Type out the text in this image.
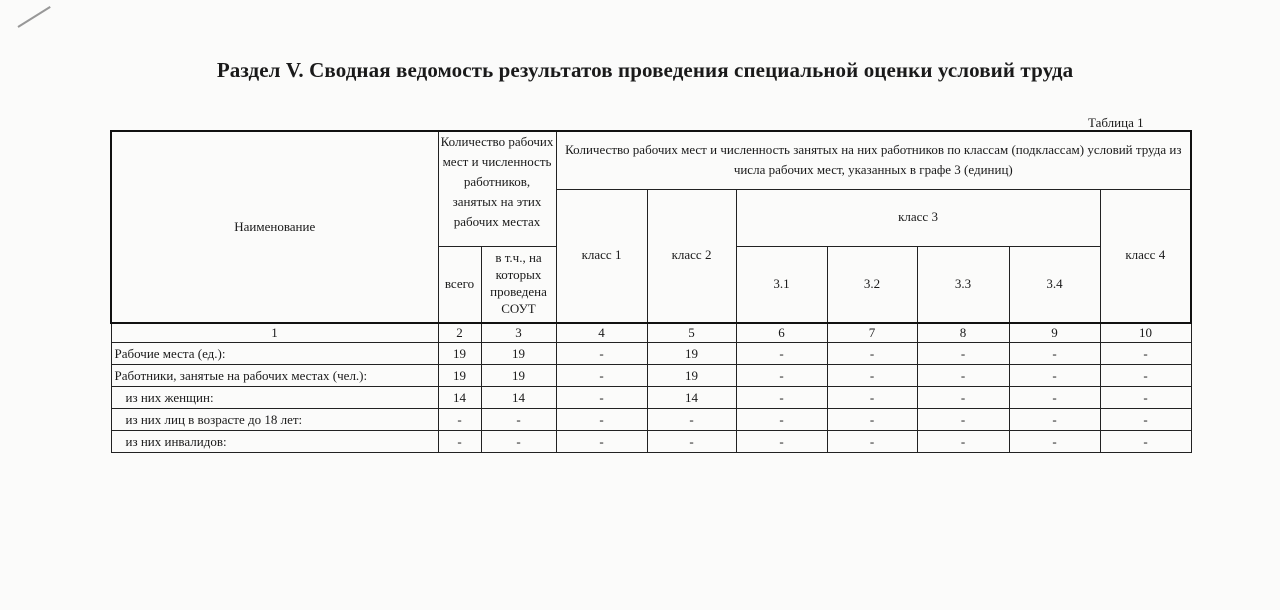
Раздел V. Сводная ведомость результатов проведения специальной оценки условий труда
Таблица 1
Наименование	Количество рабочих мест и численность работников, занятых на этих рабочих местах		Количество рабочих мест и численность занятых на них работников по классам (подклассам) условий труда из числа рабочих мест, указанных в графе 3 (единиц)						
			класс 1	класс 2	класс 3				класс 4
	всего	в т.ч., на которых проведена СОУТ			3.1	3.2	3.3	3.4	
1	2	3	4	5	6	7	8	9	10
Рабочие места (ед.):	19	19	-	19	-	-	-	-	-
Работники, занятые на рабочих местах (чел.):	19	19	-	19	-	-	-	-	-
из них женщин:	14	14	-	14	-	-	-	-	-
из них лиц в возрасте до 18 лет:	-	-	-	-	-	-	-	-	-
из них инвалидов:	-	-	-	-	-	-	-	-	-
